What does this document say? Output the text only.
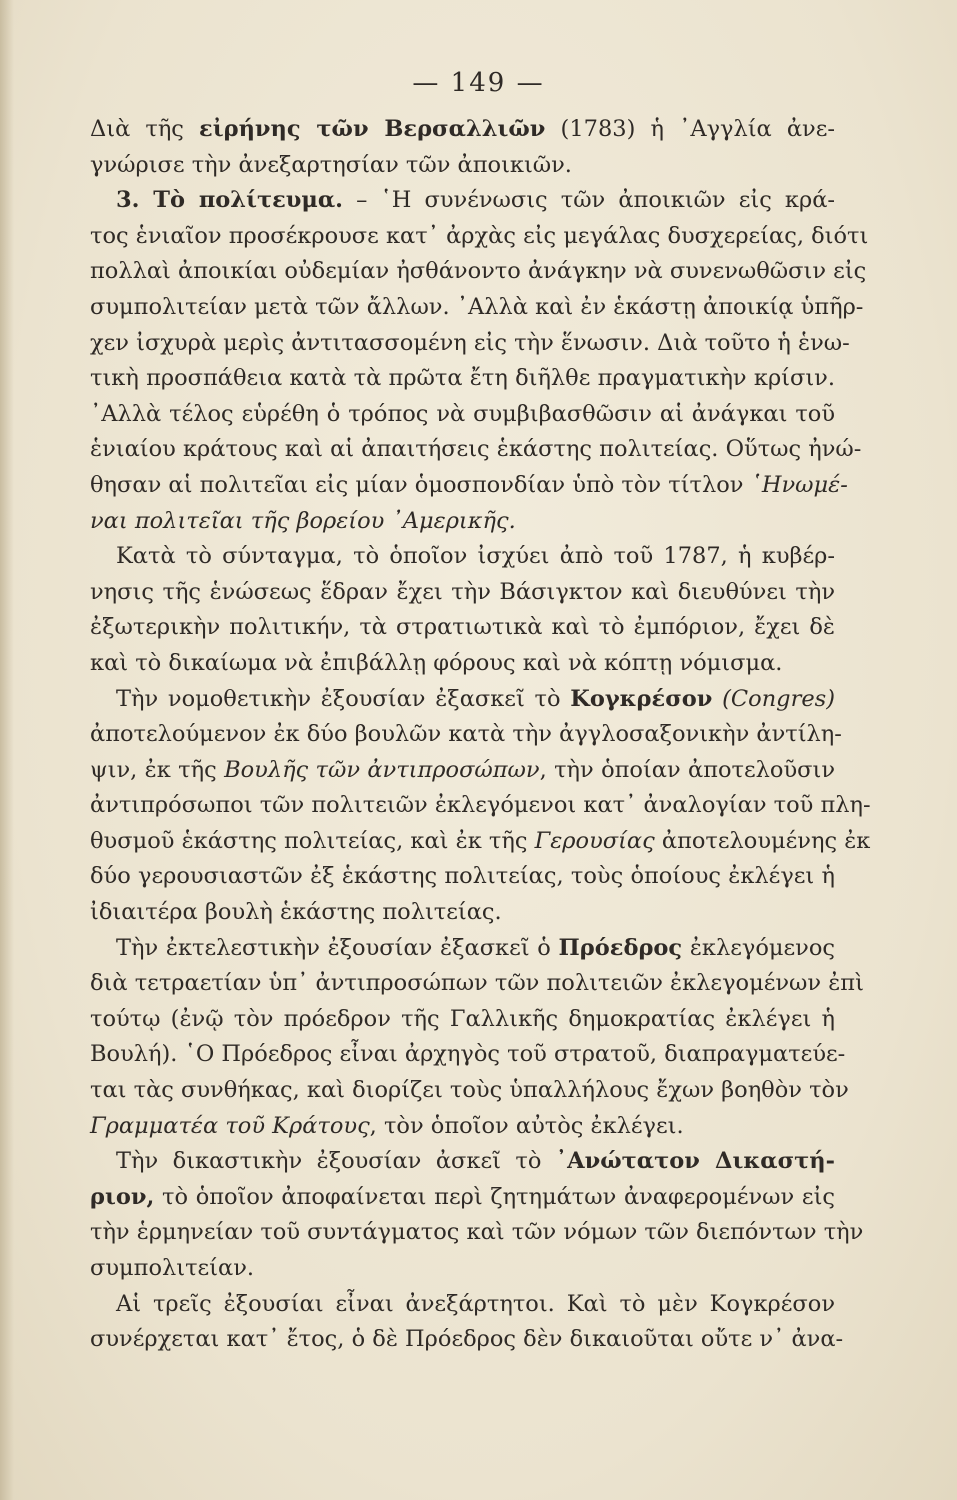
— 149 —
Διὰ τῆς εἰρήνης τῶν Βερσαλλιῶν (1783) ἡ ᾽Αγγλία ἀνε-
γνώρισε τὴν ἀνεξαρτησίαν τῶν ἀποικιῶν.
3. Τὸ πολίτευμα. – ῾Η συνένωσις τῶν ἀποικιῶν εἰς κρά-
τος ἑνιαῖον προσέκρουσε κατ᾽ ἀρχὰς εἰς μεγάλας δυσχερείας, διότι
πολλαὶ ἀποικίαι οὐδεμίαν ἠσθάνοντο ἀνάγκην νὰ συνενωθῶσιν εἰς
συμπολιτείαν μετὰ τῶν ἄλλων. ᾽Αλλὰ καὶ ἐν ἑκάστῃ ἀποικίᾳ ὑπῆρ-
χεν ἰσχυρὰ μερὶς ἀντιτασσομένη εἰς τὴν ἕνωσιν. Διὰ τοῦτο ἡ ἑνω-
τικὴ προσπάθεια κατὰ τὰ πρῶτα ἔτη διῆλθε πραγματικὴν κρίσιν.
᾽Αλλὰ τέλος εὑρέθη ὁ τρόπος νὰ συμβιβασθῶσιν αἱ ἀνάγκαι τοῦ
ἑνιαίου κράτους καὶ αἱ ἀπαιτήσεις ἑκάστης πολιτείας. Οὕτως ἠνώ-
θησαν αἱ πολιτεῖαι εἰς μίαν ὁμοσπονδίαν ὑπὸ τὸν τίτλον ῾Ηνωμέ-
ναι πολιτεῖαι τῆς βορείου ᾽Αμερικῆς.
Κατὰ τὸ σύνταγμα, τὸ ὁποῖον ἰσχύει ἀπὸ τοῦ 1787, ἡ κυβέρ-
νησις τῆς ἑνώσεως ἕδραν ἔχει τὴν Βάσιγκτον καὶ διευθύνει τὴν
ἐξωτερικὴν πολιτικήν, τὰ στρατιωτικὰ καὶ τὸ ἐμπόριον, ἔχει δὲ
καὶ τὸ δικαίωμα νὰ ἐπιβάλλῃ φόρους καὶ νὰ κόπτῃ νόμισμα.
Τὴν νομοθετικὴν ἐξουσίαν ἐξασκεῖ τὸ Κογκρέσον (Congres)
ἀποτελούμενον ἐκ δύο βουλῶν κατὰ τὴν ἀγγλοσαξονικὴν ἀντίλη-
ψιν, ἐκ τῆς Βουλῆς τῶν ἀντιπροσώπων, τὴν ὁποίαν ἀποτελοῦσιν
ἀντιπρόσωποι τῶν πολιτειῶν ἐκλεγόμενοι κατ᾽ ἀναλογίαν τοῦ πλη-
θυσμοῦ ἑκάστης πολιτείας, καὶ ἐκ τῆς Γερουσίας ἀποτελουμένης ἐκ
δύο γερουσιαστῶν ἐξ ἑκάστης πολιτείας, τοὺς ὁποίους ἐκλέγει ἡ
ἰδιαιτέρα βουλὴ ἑκάστης πολιτείας.
Τὴν ἐκτελεστικὴν ἐξουσίαν ἐξασκεῖ ὁ Πρόεδρος ἐκλεγόμενος
διὰ τετραετίαν ὑπ᾽ ἀντιπροσώπων τῶν πολιτειῶν ἐκλεγομένων ἐπὶ
τούτῳ (ἐνῷ τὸν πρόεδρον τῆς Γαλλικῆς δημοκρατίας ἐκλέγει ἡ
Βουλή). ῾Ο Πρόεδρος εἶναι ἀρχηγὸς τοῦ στρατοῦ, διαπραγματεύε-
ται τὰς συνθήκας, καὶ διορίζει τοὺς ὑπαλλήλους ἔχων βοηθὸν τὸν
Γραμματέα τοῦ Κράτους, τὸν ὁποῖον αὐτὸς ἐκλέγει.
Τὴν δικαστικὴν ἐξουσίαν ἀσκεῖ τὸ ᾽Ανώτατον Δικαστή-
ριον, τὸ ὁποῖον ἀποφαίνεται περὶ ζητημάτων ἀναφερομένων εἰς
τὴν ἑρμηνείαν τοῦ συντάγματος καὶ τῶν νόμων τῶν διεπόντων τὴν
συμπολιτείαν.
Αἱ τρεῖς ἐξουσίαι εἶναι ἀνεξάρτητοι. Καὶ τὸ μὲν Κογκρέσον
συνέρχεται κατ᾽ ἔτος, ὁ δὲ Πρόεδρος δὲν δικαιοῦται οὔτε ν᾽ ἀνα-
